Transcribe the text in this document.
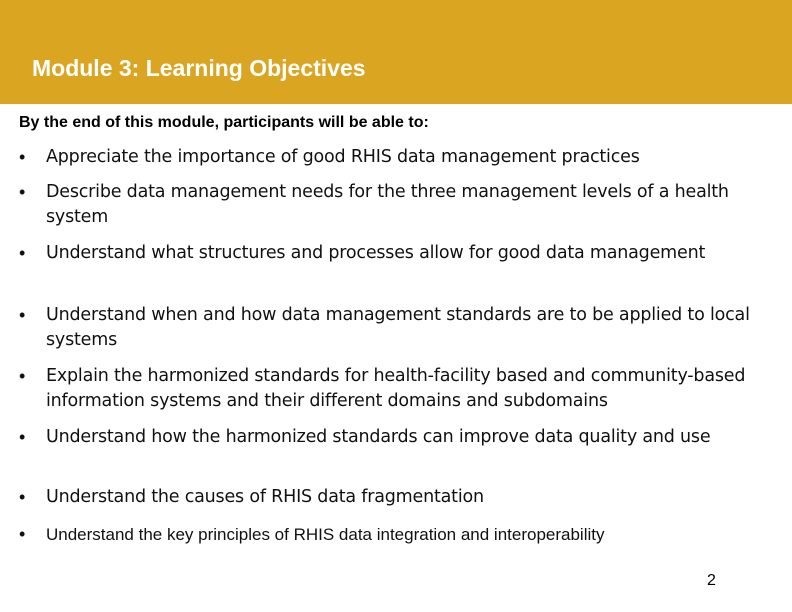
Module 3: Learning Objectives
By the end of this module, participants will be able to:
• Appreciate the importance of good RHIS data management practices
• Describe data management needs for the three management levels of a health system
• Understand what structures and processes allow for good data management
• Understand when and how data management standards are to be applied to local systems
• Explain the harmonized standards for health-facility based and community-based information systems and their different domains and subdomains
• Understand how the harmonized standards can improve data quality and use
• Understand the causes of RHIS data fragmentation
• Understand the key principles of RHIS data integration and interoperability
2
